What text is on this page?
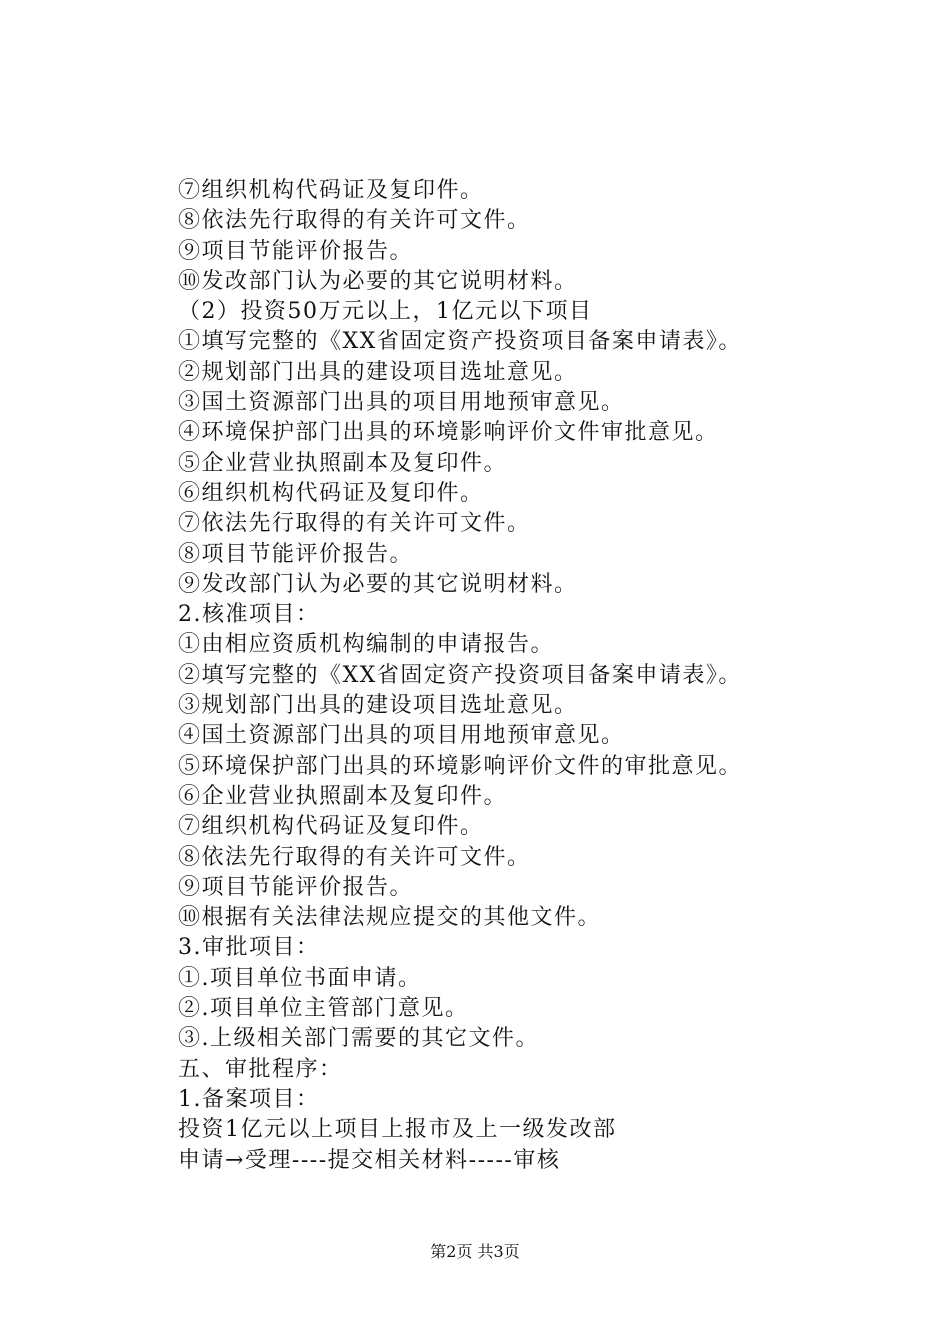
⑦组织机构代码证及复印件。
⑧依法先行取得的有关许可文件。
⑨项目节能评价报告。
⑩发改部门认为必要的其它说明材料。
（2）投资50万元以上，1亿元以下项目
①填写完整的《XX省固定资产投资项目备案申请表》。
②规划部门出具的建设项目选址意见。
③国土资源部门出具的项目用地预审意见。
④环境保护部门出具的环境影响评价文件审批意见。
⑤企业营业执照副本及复印件。
⑥组织机构代码证及复印件。
⑦依法先行取得的有关许可文件。
⑧项目节能评价报告。
⑨发改部门认为必要的其它说明材料。
2.核准项目：
①由相应资质机构编制的申请报告。
②填写完整的《XX省固定资产投资项目备案申请表》。
③规划部门出具的建设项目选址意见。
④国土资源部门出具的项目用地预审意见。
⑤环境保护部门出具的环境影响评价文件的审批意见。
⑥企业营业执照副本及复印件。
⑦组织机构代码证及复印件。
⑧依法先行取得的有关许可文件。
⑨项目节能评价报告。
⑩根据有关法律法规应提交的其他文件。
3.审批项目：
①.项目单位书面申请。
②.项目单位主管部门意见。
③.上级相关部门需要的其它文件。
五、审批程序：
1.备案项目：
投资1亿元以上项目上报市及上一级发改部
申请→受理----提交相关材料-----审核
第2页 共3页
